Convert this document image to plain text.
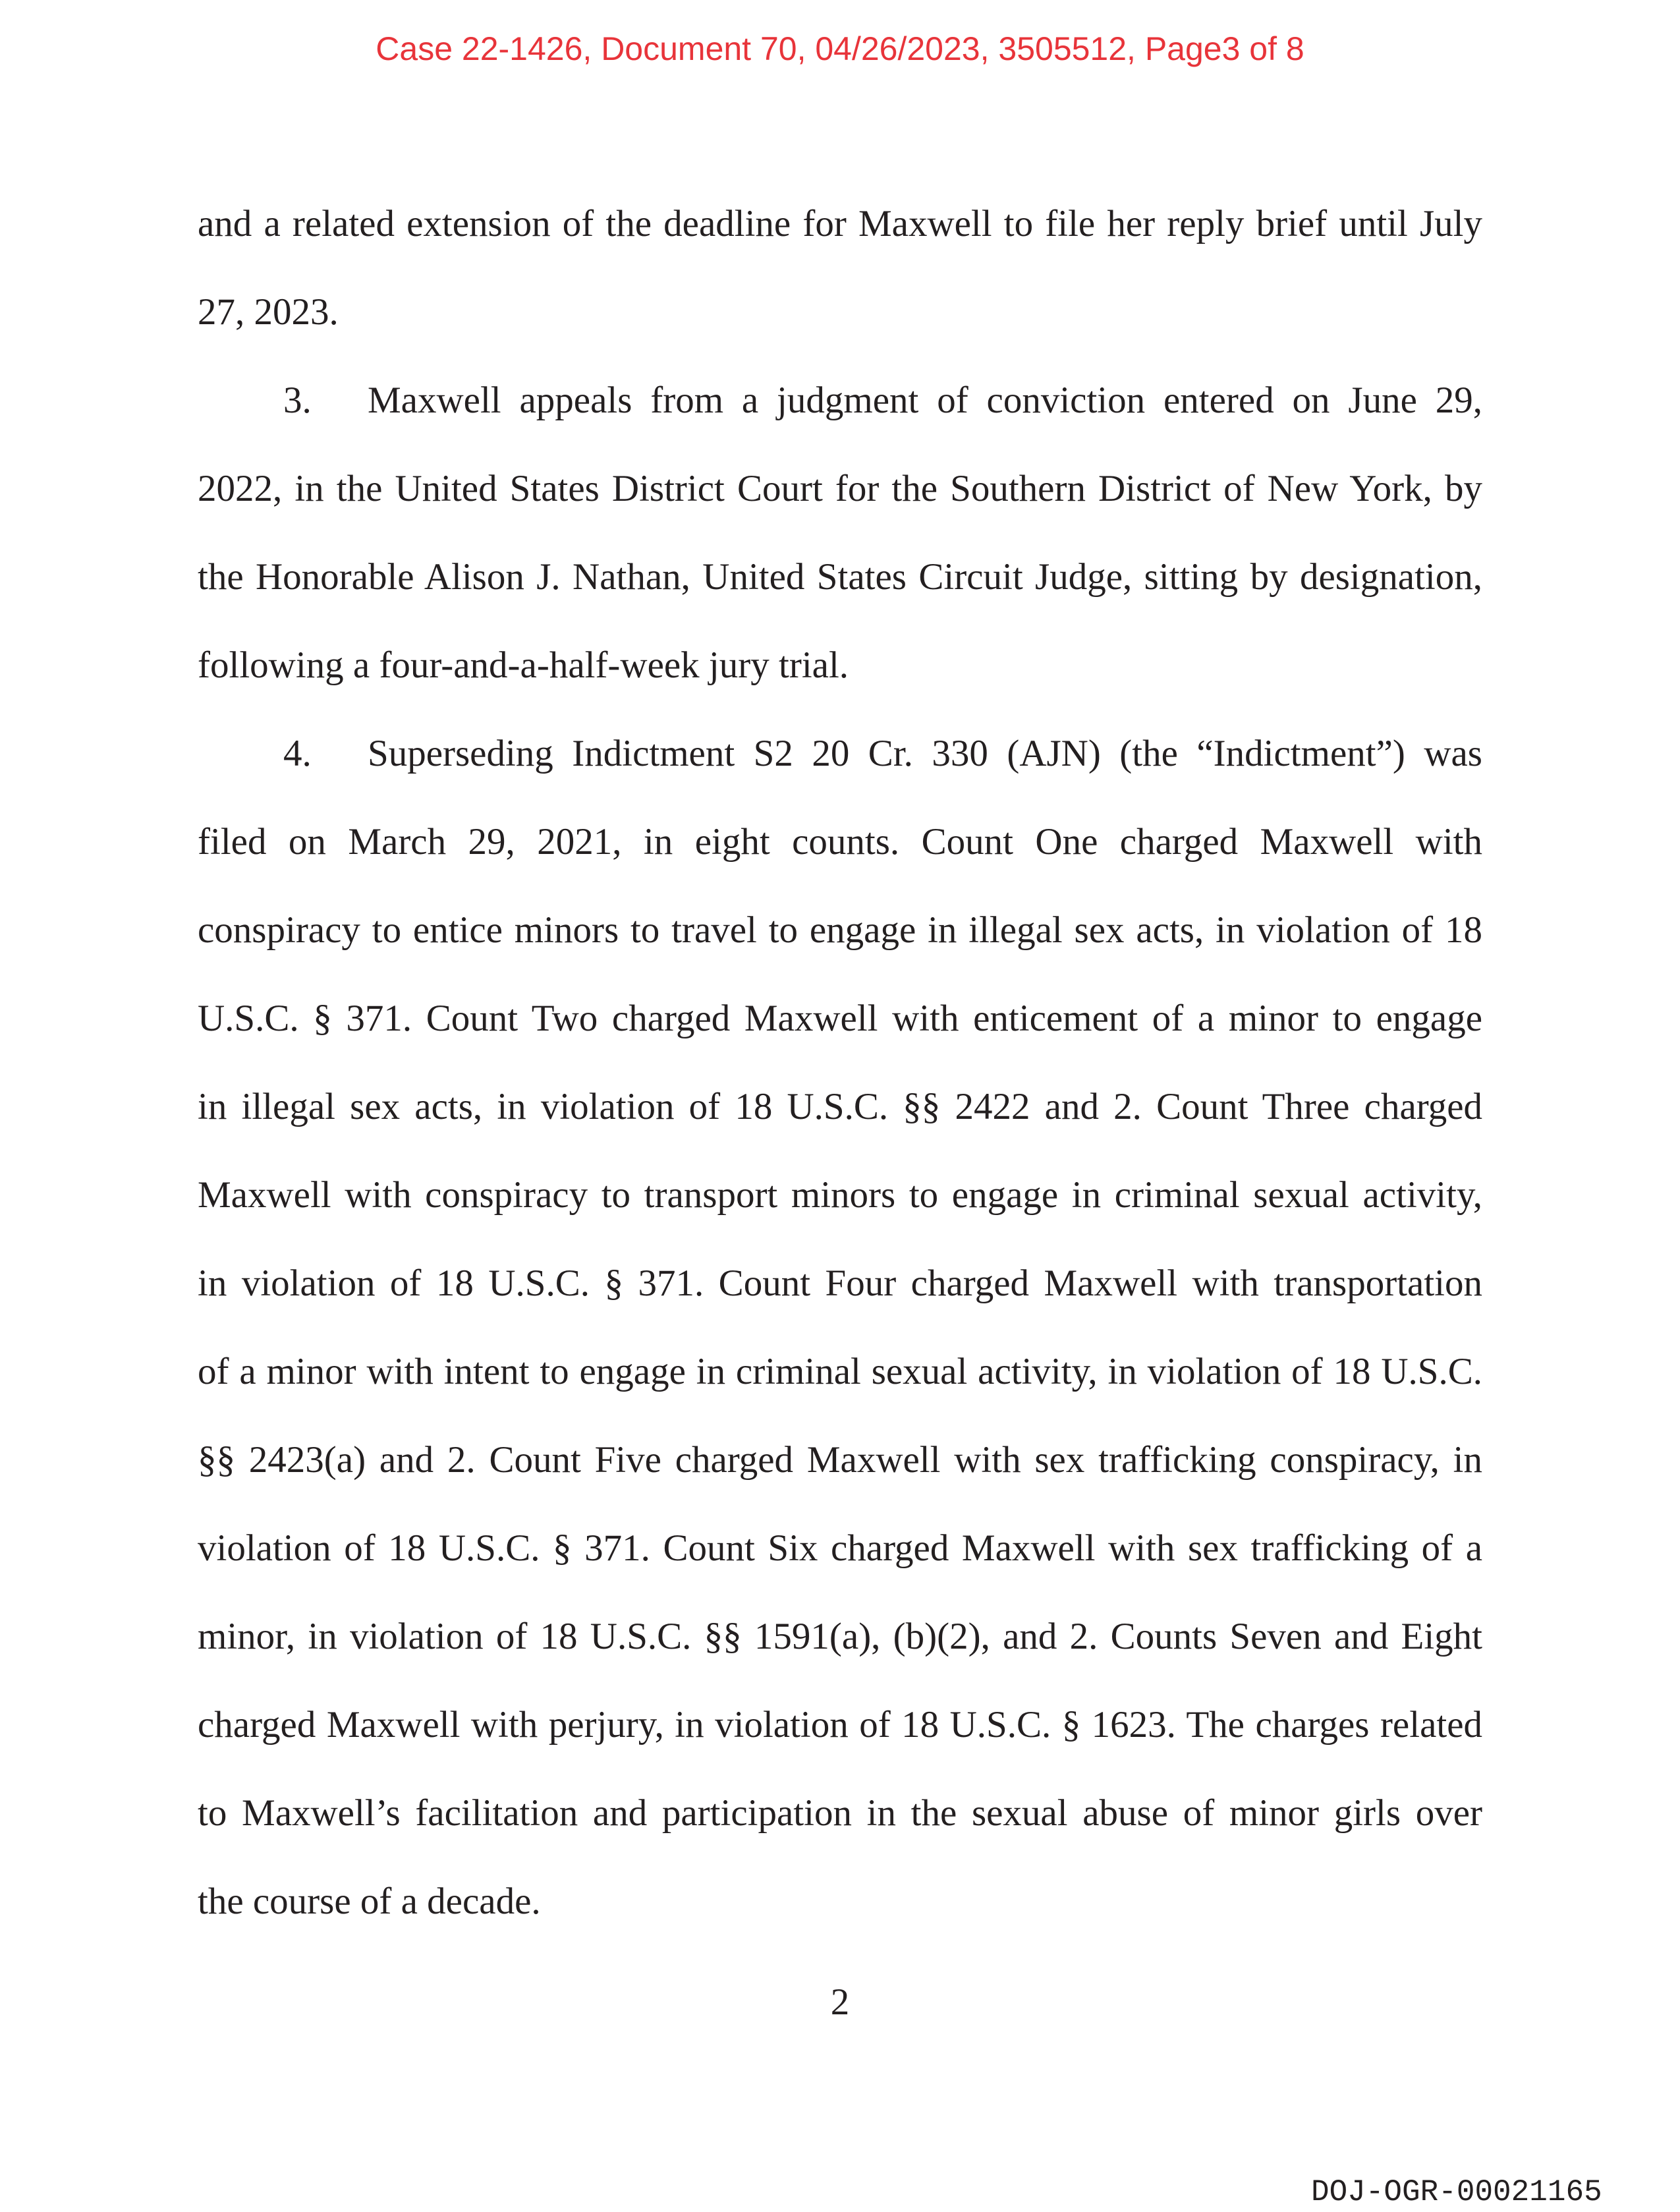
Case 22-1426, Document 70, 04/26/2023, 3505512, Page3 of 8
and a related extension of the deadline for Maxwell to file her reply brief until July
27, 2023.
3. Maxwell appeals from a judgment of conviction entered on June 29,
2022, in the United States District Court for the Southern District of New York, by
the Honorable Alison J. Nathan, United States Circuit Judge, sitting by designation,
following a four-and-a-half-week jury trial.
4. Superseding Indictment S2 20 Cr. 330 (AJN) (the “Indictment”) was
filed on March 29, 2021, in eight counts. Count One charged Maxwell with
conspiracy to entice minors to travel to engage in illegal sex acts, in violation of 18
U.S.C. § 371. Count Two charged Maxwell with enticement of a minor to engage
in illegal sex acts, in violation of 18 U.S.C. §§ 2422 and 2. Count Three charged
Maxwell with conspiracy to transport minors to engage in criminal sexual activity,
in violation of 18 U.S.C. § 371. Count Four charged Maxwell with transportation
of a minor with intent to engage in criminal sexual activity, in violation of 18 U.S.C.
§§ 2423(a) and 2. Count Five charged Maxwell with sex trafficking conspiracy, in
violation of 18 U.S.C. § 371. Count Six charged Maxwell with sex trafficking of a
minor, in violation of 18 U.S.C. §§ 1591(a), (b)(2), and 2. Counts Seven and Eight
charged Maxwell with perjury, in violation of 18 U.S.C. § 1623. The charges related
to Maxwell’s facilitation and participation in the sexual abuse of minor girls over
the course of a decade.
2
DOJ-OGR-00021165
